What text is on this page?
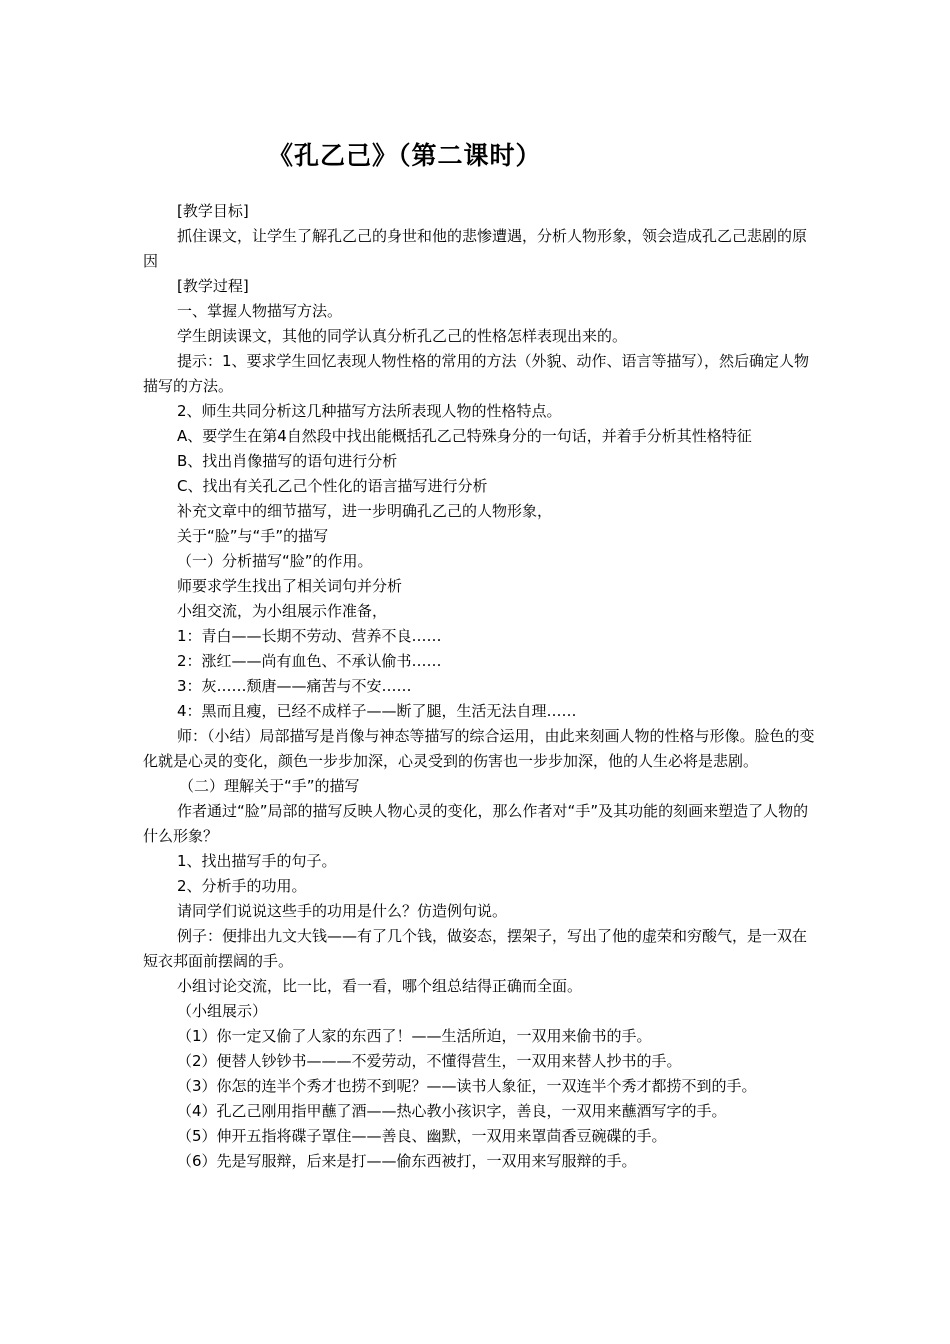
《孔乙己》（第二课时）

[教学目标]

抓住课文，让学生了解孔乙己的身世和他的悲惨遭遇，分析人物形象，领会造成孔乙己悲剧的原因

[教学过程]

一、掌握人物描写方法。

学生朗读课文，其他的同学认真分析孔乙己的性格怎样表现出来的。

提示：1、要求学生回忆表现人物性格的常用的方法（外貌、动作、语言等描写），然后确定人物描写的方法。

2、师生共同分析这几种描写方法所表现人物的性格特点。

A、要学生在第4自然段中找出能概括孔乙己特殊身分的一句话，并着手分析其性格特征

B、找出肖像描写的语句进行分析

C、找出有关孔乙己个性化的语言描写进行分析

补充文章中的细节描写，进一步明确孔乙己的人物形象，

关于“脸”与“手”的描写

（一）分析描写“脸”的作用。

师要求学生找出了相关词句并分析

小组交流，为小组展示作准备，

1：青白——长期不劳动、营养不良……

2：涨红——尚有血色、不承认偷书……

3：灰……颓唐——痛苦与不安……

4：黑而且瘦，已经不成样子——断了腿，生活无法自理……

师：（小结）局部描写是肖像与神态等描写的综合运用，由此来刻画人物的性格与形像。脸色的变化就是心灵的变化，颜色一步步加深，心灵受到的伤害也一步步加深，他的人生必将是悲剧。

（二）理解关于“手”的描写

作者通过“脸”局部的描写反映人物心灵的变化，那么作者对“手”及其功能的刻画来塑造了人物的什么形象？

1、找出描写手的句子。

2、分析手的功用。

请同学们说说这些手的功用是什么？仿造例句说。

例子：便排出九文大钱——有了几个钱，做姿态，摆架子，写出了他的虚荣和穷酸气，是一双在短衣邦面前摆阔的手。

小组讨论交流，比一比，看一看，哪个组总结得正确而全面。

（小组展示）

（1）你一定又偷了人家的东西了！——生活所迫，一双用来偷书的手。

（2）便替人钞钞书———不爱劳动，不懂得营生，一双用来替人抄书的手。

（3）你怎的连半个秀才也捞不到呢？——读书人象征，一双连半个秀才都捞不到的手。

（4）孔乙己刚用指甲蘸了酒——热心教小孩识字，善良，一双用来蘸酒写字的手。

（5）伸开五指将碟子罩住——善良、幽默，一双用来罩茴香豆碗碟的手。

（6）先是写服辩，后来是打——偷东西被打，一双用来写服辩的手。
